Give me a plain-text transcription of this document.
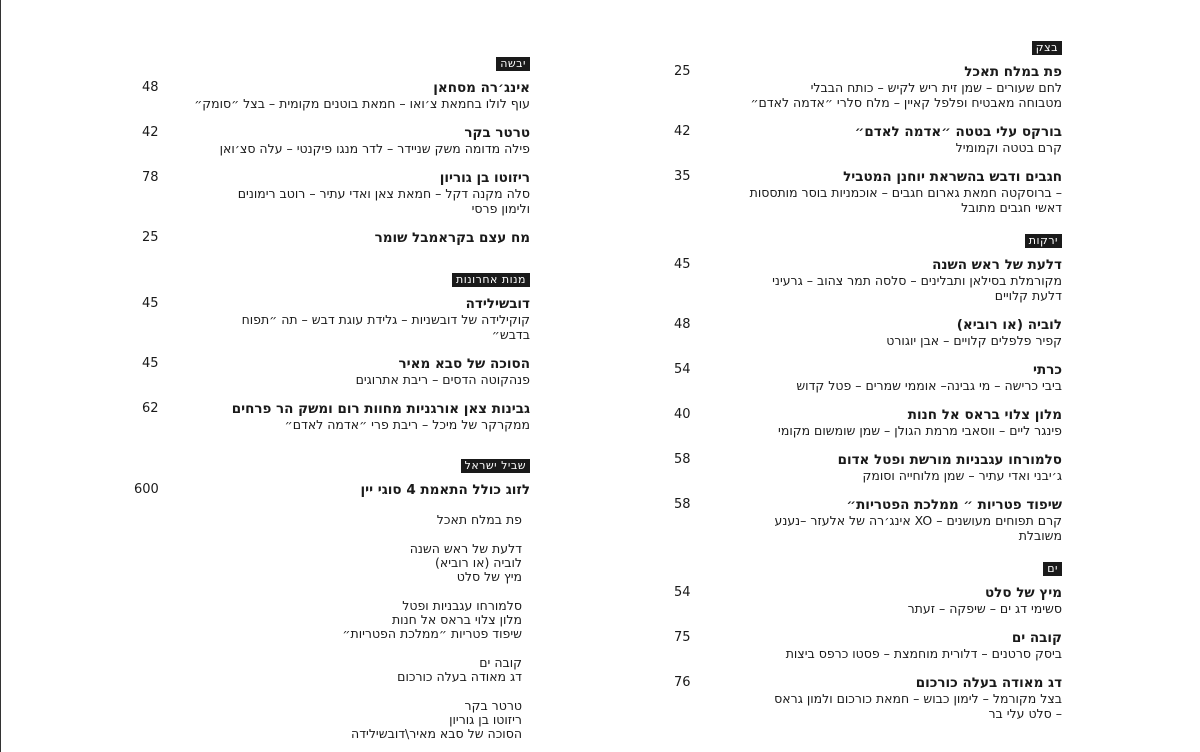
בצק
25	פת במלח תאכל
לחם שעורים – שמן זית ריש לקיש – כותח הבבלי
מטבוחה מאבטיח ופלפל קאיין – מלח סלרי ״אדמה לאדם״
42	בורקס עלי בטטה ״אדמה לאדם״
קרם בטטה וקמומיל
35	חגבים ודבש בהשראת יוחנן המטביל
– ברוסקטה חמאת גארום חגבים – אוכמניות בוסר מותססות
דאשי חגבים מתובל
ירקות
45	דלעת של ראש השנה
מקורמלת בסילאן ותבלינים – סלסה תמר צהוב – גרעיני
דלעת קלויים
48	לוביה (או רוביא)
קפיר פלפלים קלויים – אבן יוגורט
54	כרתי
ביבי כרישה – מי גבינה– אוממי שמרים – פטל קדוש
40	מלון צלוי בראס אל חנות
פינגר ליים – ווסאבי מרמת הגולן – שמן שומשום מקומי
58	סלמורחו עגבניות מורשת ופטל אדום
ג׳יבני ואדי עתיר – שמן מלוחייה וסומק
58	שיפוד פטריות ״ ממלכת הפטריות״
קרם תפוחים מעושנים – XO אינג׳רה של אלעזר –נענע
משובלת
ים
54	מיץ של סלט
סשימי דג ים – שיפקה – זעתר
75	קובה ים
ביסק סרטנים – דלורית מוחמצת – פסטו כרפס ביצות
76	דג מאודה בעלה כורכום
בצל מקורמל – לימון כבוש – חמאת כורכום ולמון גראס
– סלט עלי בר
יבשה
48	אינג׳רה מסחאן
עוף לולו בחמאת צ׳ואו – חמאת בוטנים מקומית – בצל ״סומק״
42	טרטר בקר
פילה מדומה משק שניידר – לדר מנגו פיקנטי – עלה סצ׳ואן
78	ריזוטו בן גוריון
סלה מקנה דקל – חמאת צאן ואדי עתיר – רוטב רימונים
ולימון פרסי
25	מח עצם בקראמבל שומר
מנות אחרונות
45	דובשילידה
קוקילידה של דובשניות – גלידת עוגת דבש – תה ״תפוח
בדבש״
45	הסוכה של סבא מאיר
פנהקוטה הדסים – ריבת אתרוגים
62	גבינות צאן אורגניות מחוות רום ומשק הר פרחים
ממקרקר של מיכל – ריבת פרי ״אדמה לאדם״
שביל ישראל
600	לזוג כולל התאמת 4 סוגי יין
פת במלח תאכל
דלעת של ראש השנה
לוביה (או רוביא)
מיץ של סלט
סלמורחו עגבניות ופטל
מלון צלוי בראס אל חנות
שיפוד פטריות ״ממלכת הפטריות״
קובה ים
דג מאודה בעלה כורכום
טרטר בקר
ריזוטו בן גוריון
הסוכה של סבא מאיר\דובשילידה
